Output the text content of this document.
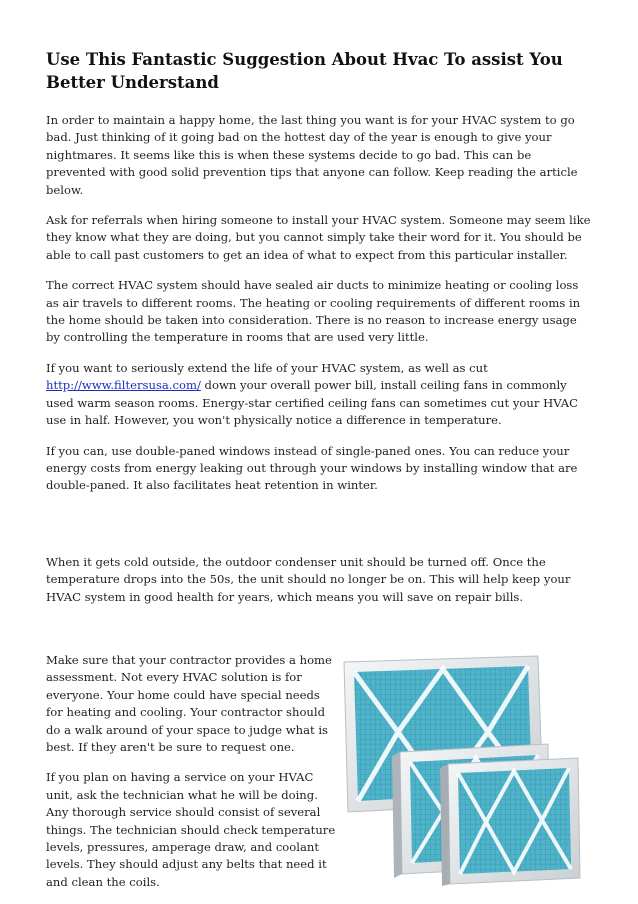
Use This Fantastic Suggestion About Hvac To assist You Better Understand

In order to maintain a happy home, the last thing you want is for your HVAC system to go bad. Just thinking of it going bad on the hottest day of the year is enough to give your nightmares. It seems like this is when these systems decide to go bad. This can be prevented with good solid prevention tips that anyone can follow. Keep reading the article below.

Ask for referrals when hiring someone to install your HVAC system. Someone may seem like they know what they are doing, but you cannot simply take their word for it. You should be able to call past customers to get an idea of what to expect from this particular installer.

The correct HVAC system should have sealed air ducts to minimize heating or cooling loss as air travels to different rooms. The heating or cooling requirements of different rooms in the home should be taken into consideration. There is no reason to increase energy usage by controlling the temperature in rooms that are used very little.

If you want to seriously extend the life of your HVAC system, as well as cut http://www.filtersusa.com/ down your overall power bill, install ceiling fans in commonly used warm season rooms. Energy-star certified ceiling fans can sometimes cut your HVAC use in half. However, you won't physically notice a difference in temperature.

If you can, use double-paned windows instead of single-paned ones. You can reduce your energy costs from energy leaking out through your windows by installing window that are double-paned. It also facilitates heat retention in winter.

When it gets cold outside, the outdoor condenser unit should be turned off. Once the temperature drops into the 50s, the unit should no longer be on. This will help keep your HVAC system in good health for years, which means you will save on repair bills.

Make sure that your contractor provides a home assessment. Not every HVAC solution is for everyone. Your home could have special needs for heating and cooling. Your contractor should do a walk around of your space to judge what is best. If they aren't be sure to request one.

If you plan on having a service on your HVAC unit, ask the technician what he will be doing. Any thorough service should consist of several things. The technician should check temperature levels, pressures, amperage draw, and coolant levels. They should adjust any belts that need it and clean the coils.
